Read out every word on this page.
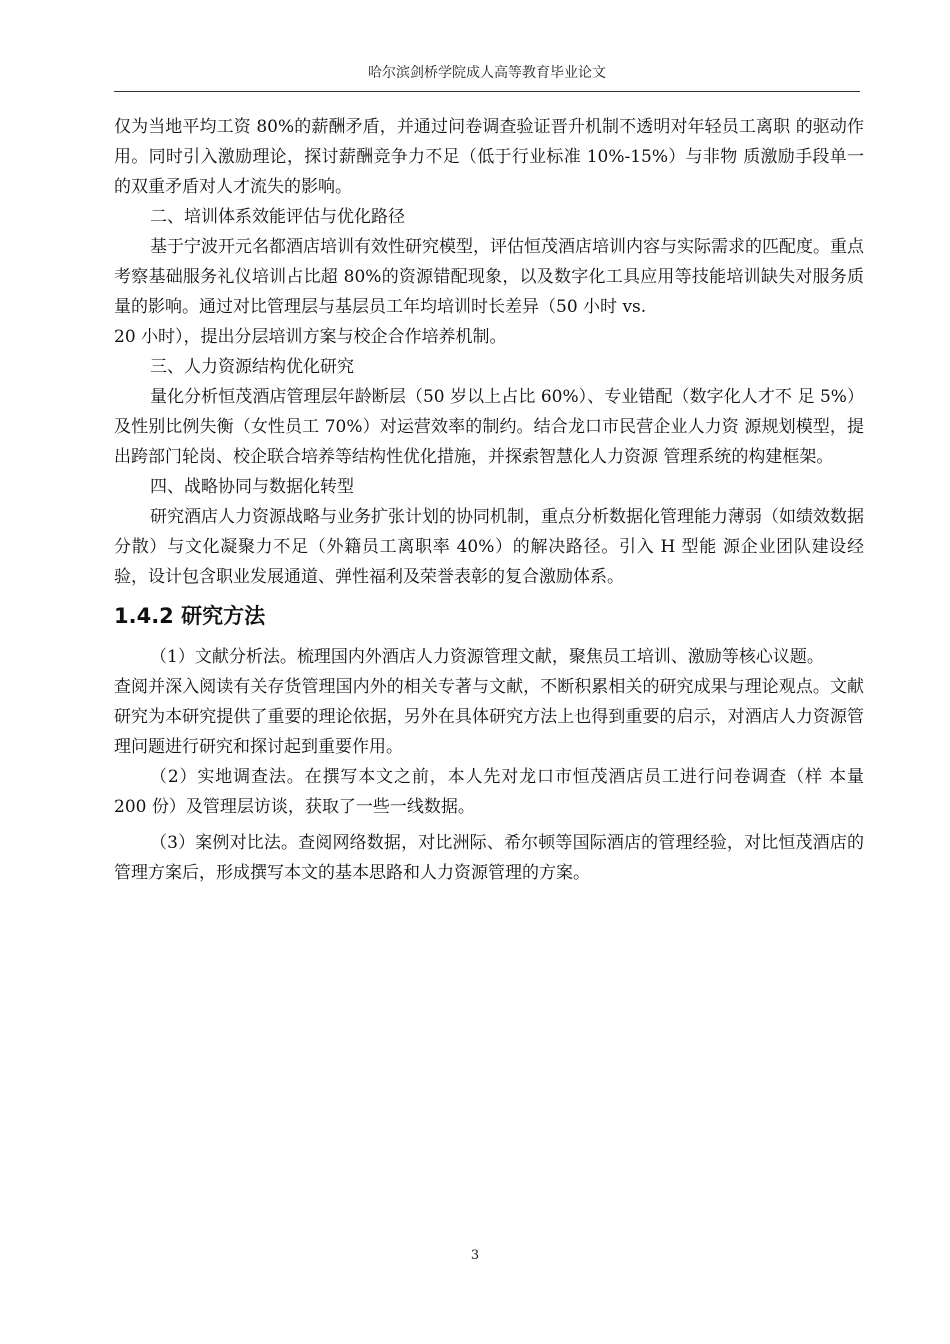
哈尔滨剑桥学院成人高等教育毕业论文

仅为当地平均工资 80%的薪酬矛盾，并通过问卷调查验证晋升机制不透明对年轻员工离职 的驱动作用。同时引入激励理论，探讨薪酬竞争力不足（低于行业标准 10%-15%）与非物 质激励手段单一的双重矛盾对人才流失的影响。

二、培训体系效能评估与优化路径

基于宁波开元名都酒店培训有效性研究模型，评估恒茂酒店培训内容与实际需求的匹配度。重点考察基础服务礼仪培训占比超 80%的资源错配现象，以及数字化工具应用等技能培训缺失对服务质量的影响。通过对比管理层与基层员工年均培训时长差异（50 小时 vs.

20 小时），提出分层培训方案与校企合作培养机制。

三、人力资源结构优化研究

量化分析恒茂酒店管理层年龄断层（50 岁以上占比 60%）、专业错配（数字化人才不 足 5%）及性别比例失衡（女性员工 70%）对运营效率的制约。结合龙口市民营企业人力资 源规划模型，提出跨部门轮岗、校企联合培养等结构性优化措施，并探索智慧化人力资源 管理系统的构建框架。

四、战略协同与数据化转型

研究酒店人力资源战略与业务扩张计划的协同机制，重点分析数据化管理能力薄弱（如绩效数据分散）与文化凝聚力不足（外籍员工离职率 40%）的解决路径。引入 H 型能 源企业团队建设经验，设计包含职业发展通道、弹性福利及荣誉表彰的复合激励体系。

1.4.2 研究方法

（1）文献分析法。梳理国内外酒店人力资源管理文献，聚焦员工培训、激励等核心议题。

查阅并深入阅读有关存货管理国内外的相关专著与文献，不断积累相关的研究成果与理论观点。文献研究为本研究提供了重要的理论依据，另外在具体研究方法上也得到重要的启示，对酒店人力资源管理问题进行研究和探讨起到重要作用。

（2）实地调查法。在撰写本文之前，本人先对龙口市恒茂酒店员工进行问卷调查（样 本量 200 份）及管理层访谈，获取了一些一线数据。

（3）案例对比法。查阅网络数据，对比洲际、希尔顿等国际酒店的管理经验，对比恒茂酒店的管理方案后，形成撰写本文的基本思路和人力资源管理的方案。

3
